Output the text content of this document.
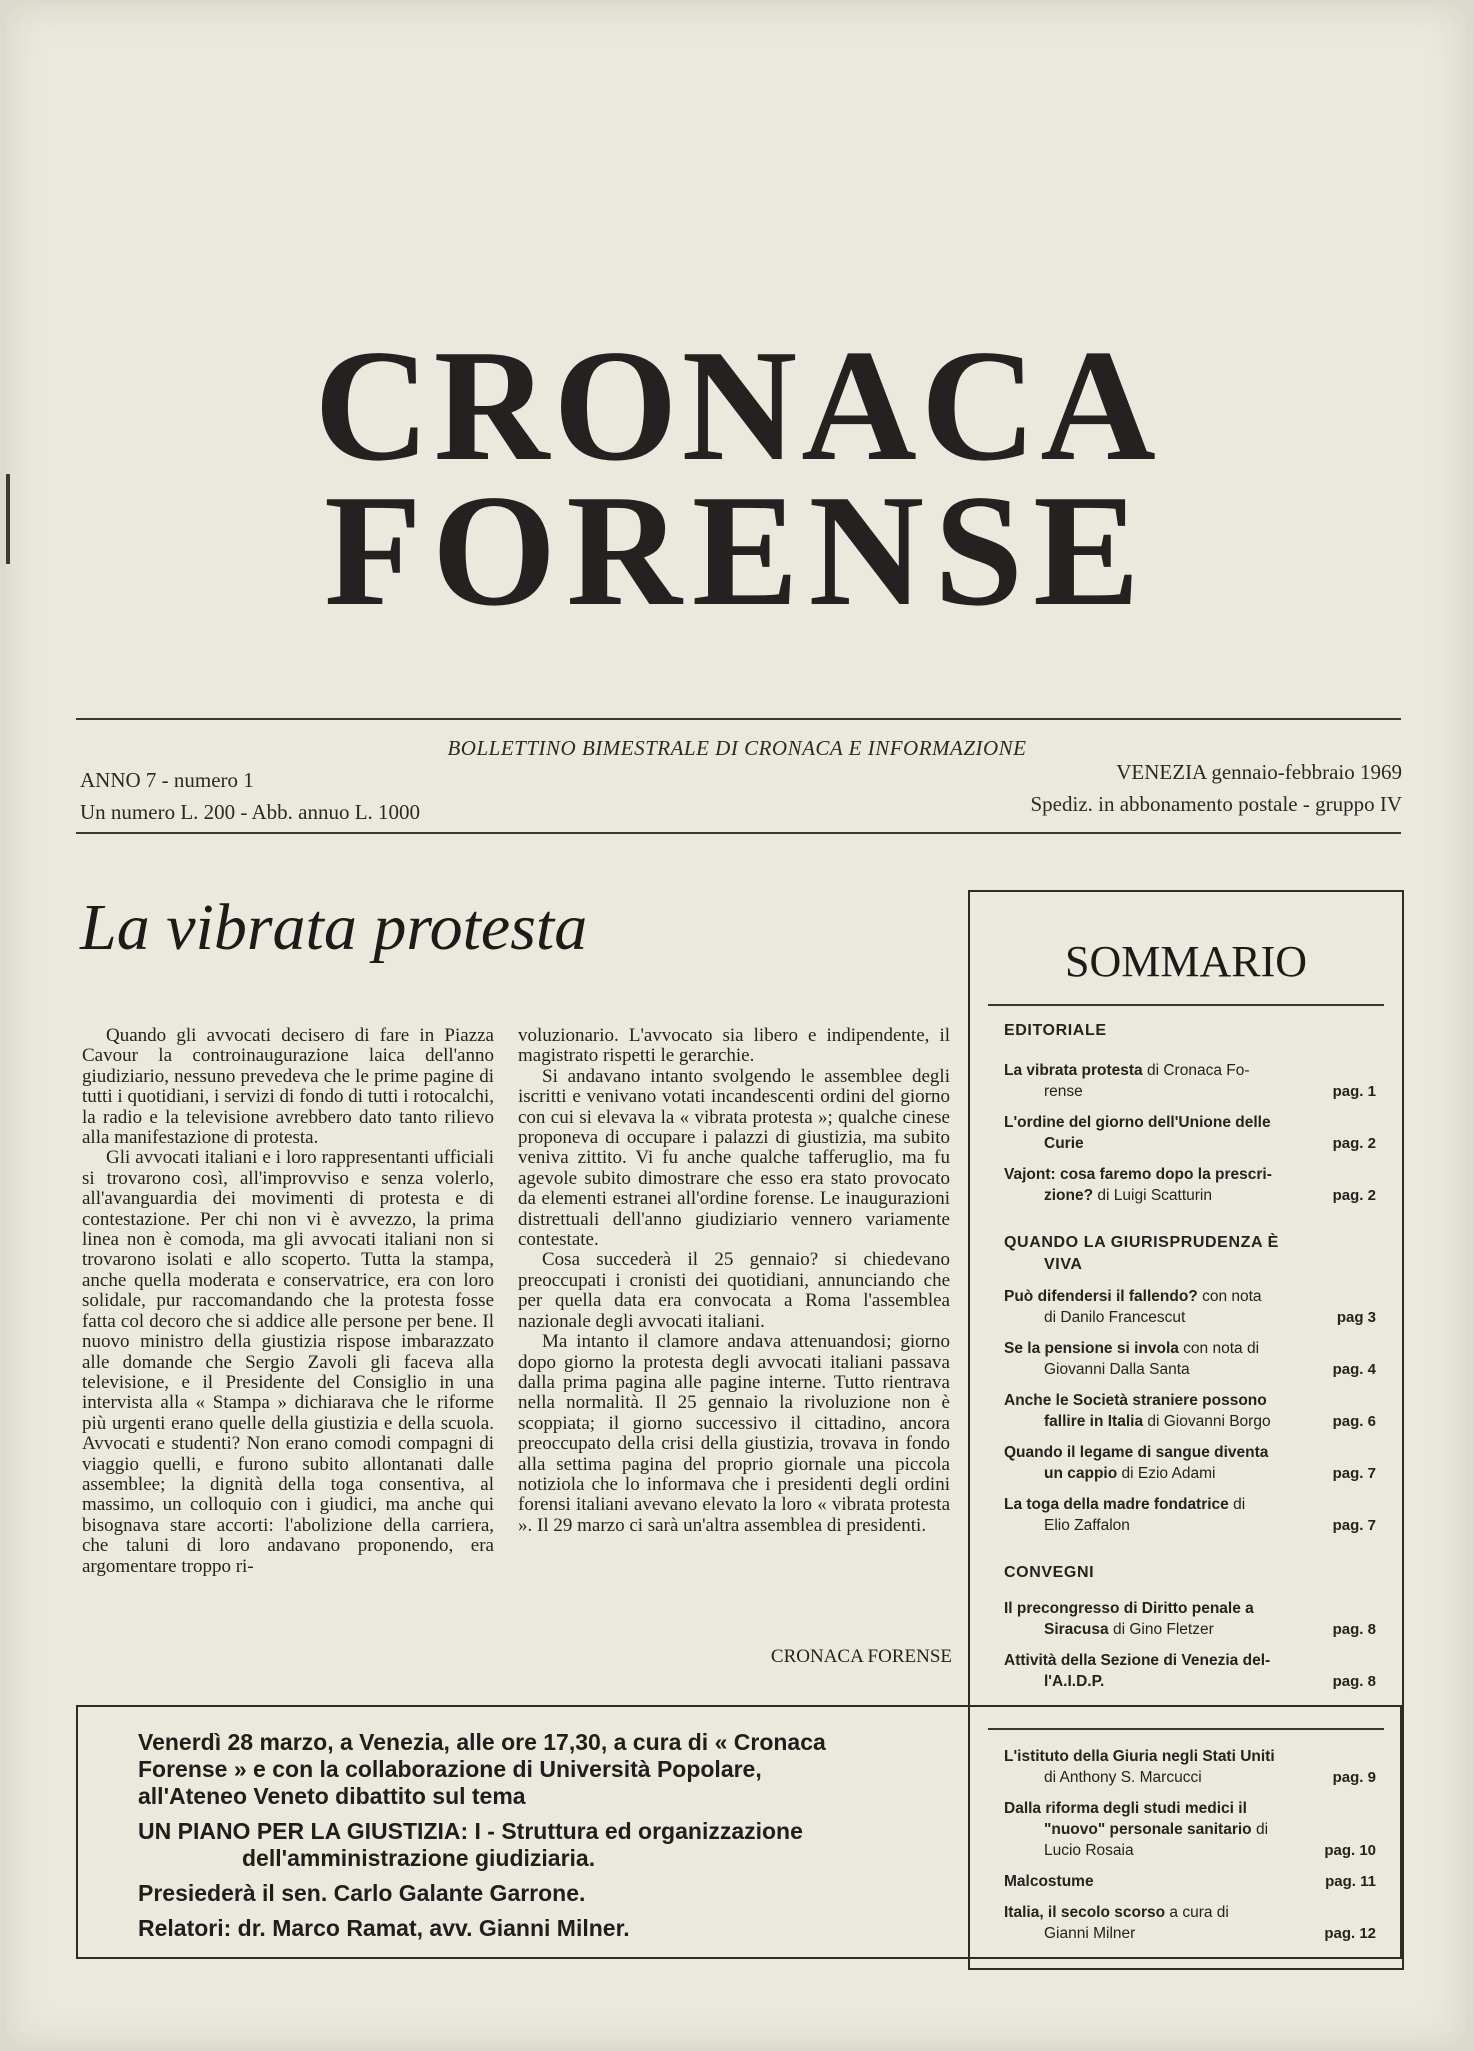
CRONACA
FORENSE
BOLLETTINO BIMESTRALE DI CRONACA E INFORMAZIONE
ANNO 7 - numero 1
Un numero L. 200 - Abb. annuo L. 1000
VENEZIA gennaio-febbraio 1969
Spediz. in abbonamento postale - gruppo IV
La vibrata protesta

Quando gli avvocati decisero di fare in Piazza Cavour la controinaugurazione laica dell'anno giudiziario, nessuno prevedeva che le prime pagine di tutti i quotidiani, i servizi di fondo di tutti i rotocalchi, la radio e la televisione avrebbero dato tanto rilievo alla manifestazione di protesta.

Gli avvocati italiani e i loro rappresentanti ufficiali si trovarono così, all'improvviso e senza volerlo, all'avanguardia dei movimenti di protesta e di contestazione. Per chi non vi è avvezzo, la prima linea non è comoda, ma gli avvocati italiani non si trovarono isolati e allo scoperto. Tutta la stampa, anche quella moderata e conservatrice, era con loro solidale, pur raccomandando che la protesta fosse fatta col decoro che si addice alle persone per bene. Il nuovo ministro della giustizia rispose imbarazzato alle domande che Sergio Zavoli gli faceva alla televisione, e il Presidente del Consiglio in una intervista alla « Stampa » dichiarava che le riforme più urgenti erano quelle della giustizia e della scuola. Avvocati e studenti? Non erano comodi compagni di viaggio quelli, e furono subito allontanati dalle assemblee; la dignità della toga consentiva, al massimo, un colloquio con i giudici, ma anche qui bisognava stare accorti: l'abolizione della carriera, che taluni di loro andavano proponendo, era argomentare troppo ri-

voluzionario. L'avvocato sia libero e indipendente, il magistrato rispetti le gerarchie.

Si andavano intanto svolgendo le assemblee degli iscritti e venivano votati incandescenti ordini del giorno con cui si elevava la « vibrata protesta »; qualche cinese proponeva di occupare i palazzi di giustizia, ma subito veniva zittito. Vi fu anche qualche tafferuglio, ma fu agevole subito dimostrare che esso era stato provocato da elementi estranei all'ordine forense. Le inaugurazioni distrettuali dell'anno giudiziario vennero variamente contestate.

Cosa succederà il 25 gennaio? si chiedevano preoccupati i cronisti dei quotidiani, annunciando che per quella data era convocata a Roma l'assemblea nazionale degli avvocati italiani.

Ma intanto il clamore andava attenuandosi; giorno dopo giorno la protesta degli avvocati italiani passava dalla prima pagina alle pagine interne. Tutto rientrava nella normalità. Il 25 gennaio la rivoluzione non è scoppiata; il giorno successivo il cittadino, ancora preoccupato della crisi della giustizia, trovava in fondo alla settima pagina del proprio giornale una piccola notiziola che lo informava che i presidenti degli ordini forensi italiani avevano elevato la loro « vibrata protesta ». Il 29 marzo ci sarà un'altra assemblea di presidenti.

CRONACA FORENSE
Venerdì 28 marzo, a Venezia, alle ore 17,30, a cura di « Cronaca
Forense » e con la collaborazione di Università Popolare,
all'Ateneo Veneto dibattito sul tema
UN PIANO PER LA GIUSTIZIA: I - Struttura ed organizzazione
dell'amministrazione giudiziaria.
Presiederà il sen. Carlo Galante Garrone.
Relatori: dr. Marco Ramat, avv. Gianni Milner.
SOMMARIO
EDITORIALE
La vibrata protesta di Cronaca Fo-
rense	pag. 1
L'ordine del giorno dell'Unione delle
Curie	pag. 2
Vajont: cosa faremo dopo la prescri-
zione? di Luigi Scatturin	pag. 2
QUANDO LA GIURISPRUDENZA È
VIVA
Può difendersi il fallendo? con nota
di Danilo Francescut	pag 3
Se la pensione si invola con nota di
Giovanni Dalla Santa	pag. 4
Anche le Società straniere possono
fallire in Italia di Giovanni Borgo	pag. 6
Quando il legame di sangue diventa
un cappio di Ezio Adami	pag. 7
La toga della madre fondatrice di
Elio Zaffalon	pag. 7
CONVEGNI
Il precongresso di Diritto penale a
Siracusa di Gino Fletzer	pag. 8
Attività della Sezione di Venezia del-
l'A.I.D.P.	pag. 8
L'istituto della Giuria negli Stati Uniti
di Anthony S. Marcucci	pag. 9
Dalla riforma degli studi medici il
"nuovo" personale sanitario di
Lucio Rosaia	pag. 10
Malcostume	pag. 11
Italia, il secolo scorso a cura di
Gianni Milner	pag. 12
